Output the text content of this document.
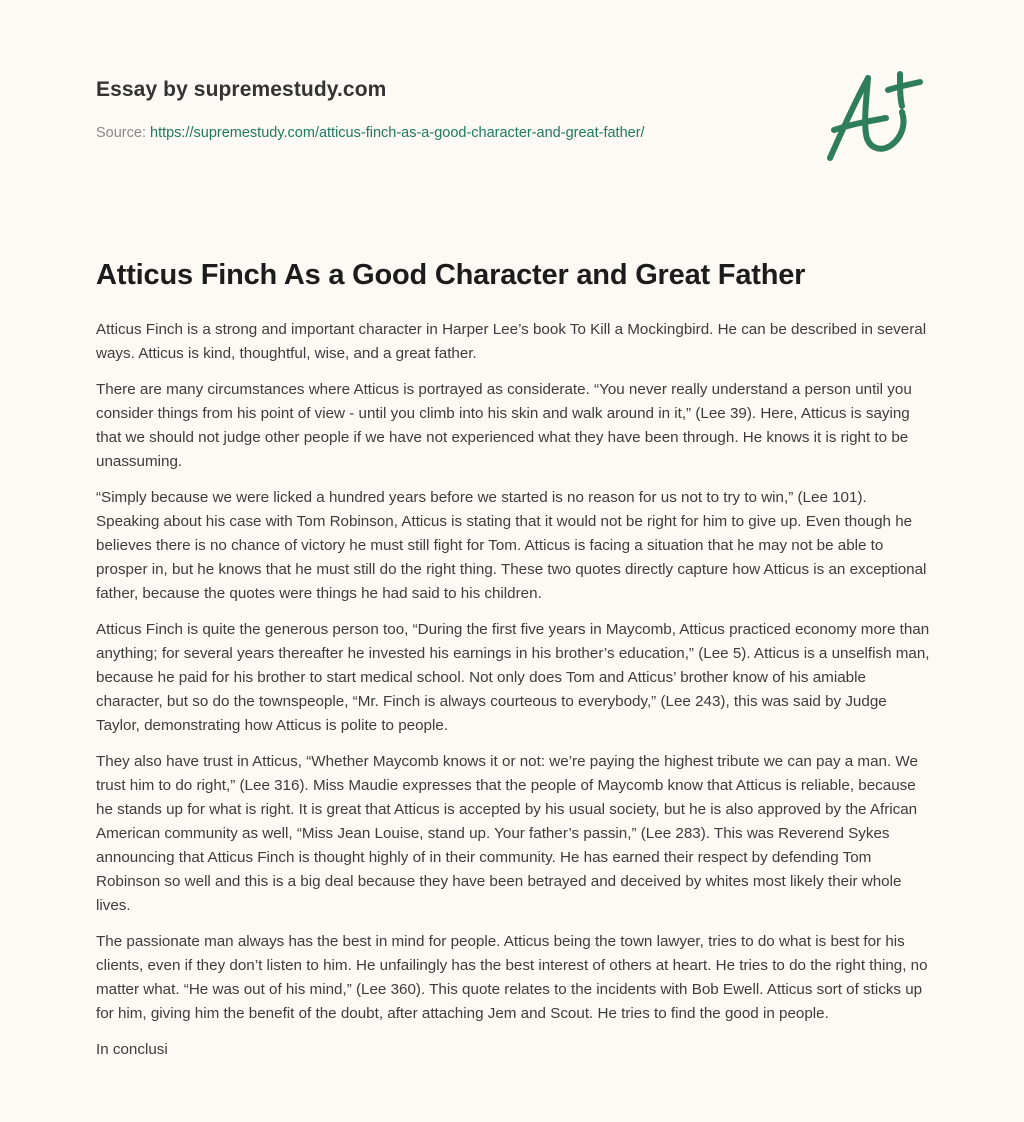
Essay by supremestudy.com
Source: https://supremestudy.com/atticus-finch-as-a-good-character-and-great-father/
Atticus Finch As a Good Character and Great Father

Atticus Finch is a strong and important character in Harper Lee’s book To Kill a Mockingbird. He can be described in several ways. Atticus is kind, thoughtful, wise, and a great father.

There are many circumstances where Atticus is portrayed as considerate. “You never really understand a person until you consider things from his point of view - until you climb into his skin and walk around in it,” (Lee 39). Here, Atticus is saying that we should not judge other people if we have not experienced what they have been through. He knows it is right to be unassuming.

“Simply because we were licked a hundred years before we started is no reason for us not to try to win,” (Lee 101). Speaking about his case with Tom Robinson, Atticus is stating that it would not be right for him to give up. Even though he believes there is no chance of victory he must still fight for Tom. Atticus is facing a situation that he may not be able to prosper in, but he knows that he must still do the right thing. These two quotes directly capture how Atticus is an exceptional father, because the quotes were things he had said to his children.

Atticus Finch is quite the generous person too, “During the first five years in Maycomb, Atticus practiced economy more than anything; for several years thereafter he invested his earnings in his brother’s education,” (Lee 5). Atticus is a unselfish man, because he paid for his brother to start medical school. Not only does Tom and Atticus’ brother know of his amiable character, but so do the townspeople, “Mr. Finch is always courteous to everybody,” (Lee 243), this was said by Judge Taylor, demonstrating how Atticus is polite to people.

They also have trust in Atticus, “Whether Maycomb knows it or not: we’re paying the highest tribute we can pay a man. We trust him to do right,” (Lee 316). Miss Maudie expresses that the people of Maycomb know that Atticus is reliable, because he stands up for what is right. It is great that Atticus is accepted by his usual society, but he is also approved by the African American community as well, “Miss Jean Louise, stand up. Your father’s passin,” (Lee 283). This was Reverend Sykes announcing that Atticus Finch is thought highly of in their community. He has earned their respect by defending Tom Robinson so well and this is a big deal because they have been betrayed and deceived by whites most likely their whole lives.

The passionate man always has the best in mind for people. Atticus being the town lawyer, tries to do what is best for his clients, even if they don’t listen to him. He unfailingly has the best interest of others at heart. He tries to do the right thing, no matter what. “He was out of his mind,” (Lee 360). This quote relates to the incidents with Bob Ewell. Atticus sort of sticks up for him, giving him the benefit of the doubt, after attaching Jem and Scout. He tries to find the good in people.

In conclusi
